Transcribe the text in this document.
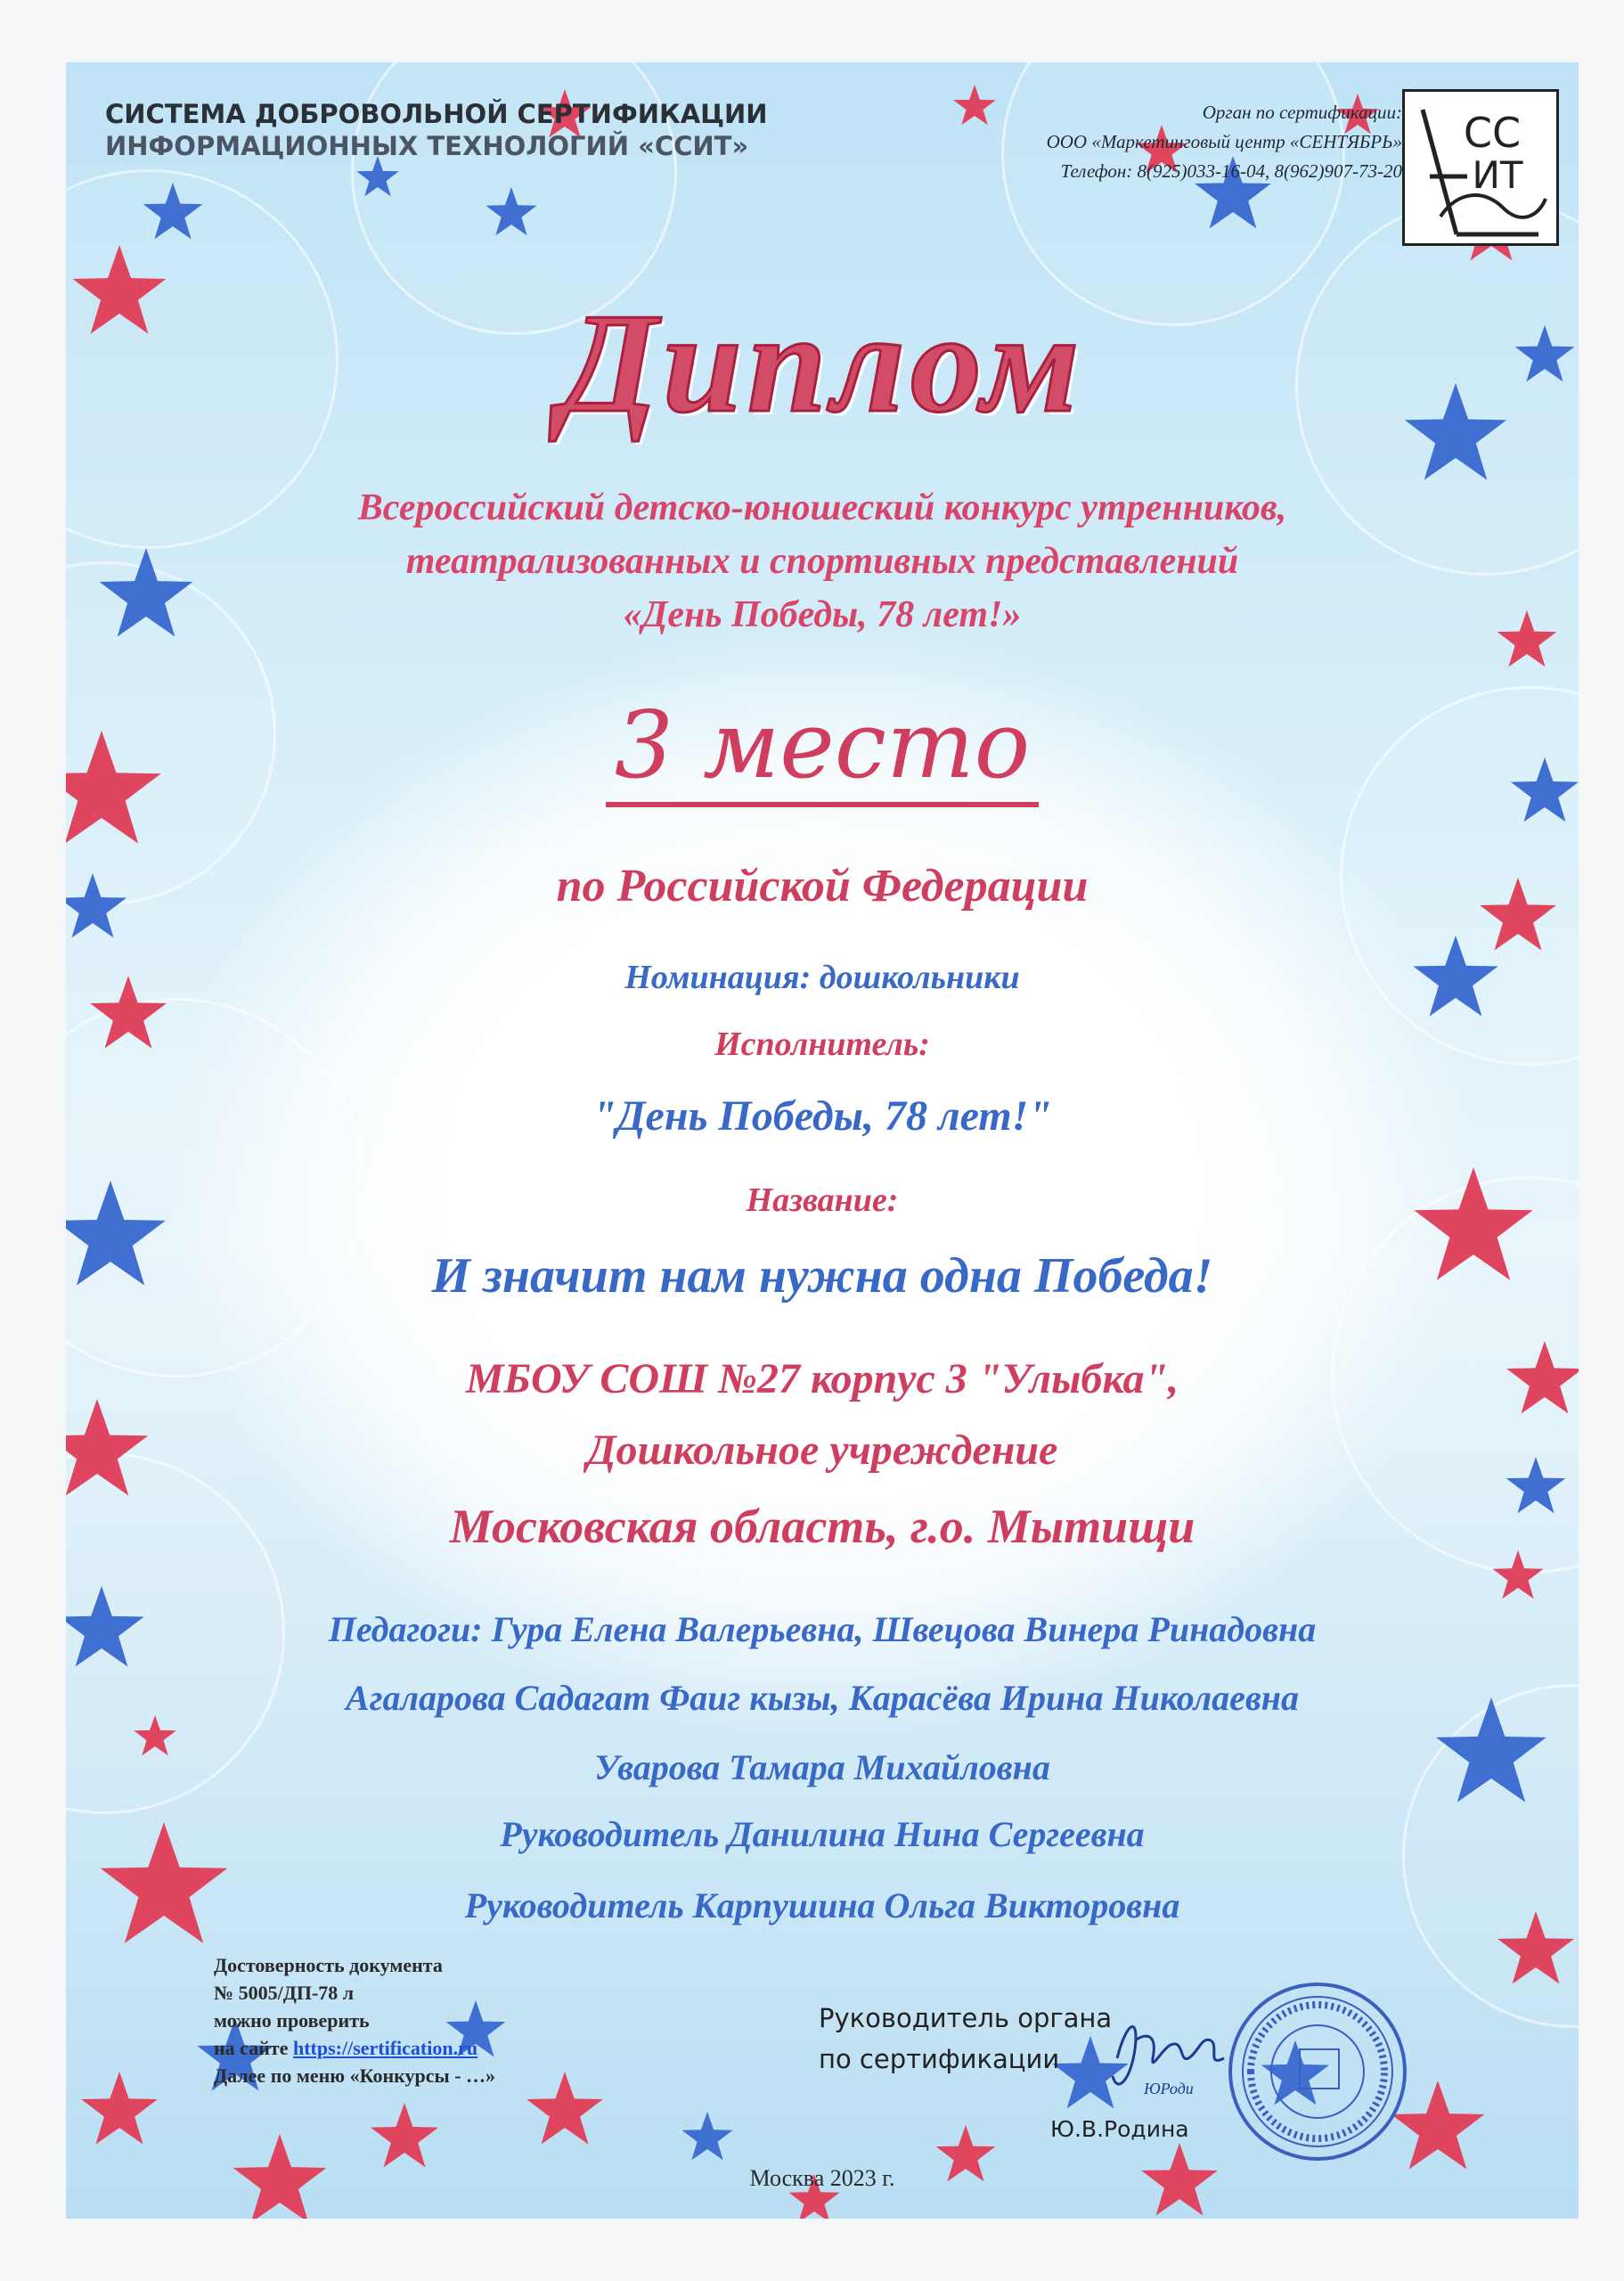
СИСТЕМА ДОБРОВОЛЬНОЙ СЕРТИФИКАЦИИ
ИНФОРМАЦИОННЫХ ТЕХНОЛОГИЙ «ССИТ»
Орган по сертификации:
ООО «Маркетинговый центр «СЕНТЯБРЬ»
Телефон: 8(925)033-16-04, 8(962)907-73-20
СС
ИТ
Диплом
Всероссийский детско-юношеский конкурс утренников,
театрализованных и спортивных представлений
«День Победы, 78 лет!»
3 место
по Российской Федерации
Номинация: дошкольники
Исполнитель:
"День Победы, 78 лет!"
Название:
И значит нам нужна одна Победа!
МБОУ СОШ №27 корпус 3 "Улыбка",
Дошкольное учреждение
Московская область, г.о. Мытищи
Педагоги: Гура Елена Валерьевна, Швецова Винера Ринадовна
Агаларова Садагат Фаиг кызы, Карасёва Ирина Николаевна
Уварова Тамара Михайловна
Руководитель Данилина Нина Сергеевна
Руководитель Карпушина Ольга Викторовна
Достоверность документа
№ 5005/ДП-78 л
можно проверить
на сайте https://sertification.ru
Далее по меню «Конкурсы - …»
Руководитель органа
по сертификации
ЮРоди
Ю.В.Родина
Москва 2023 г.
